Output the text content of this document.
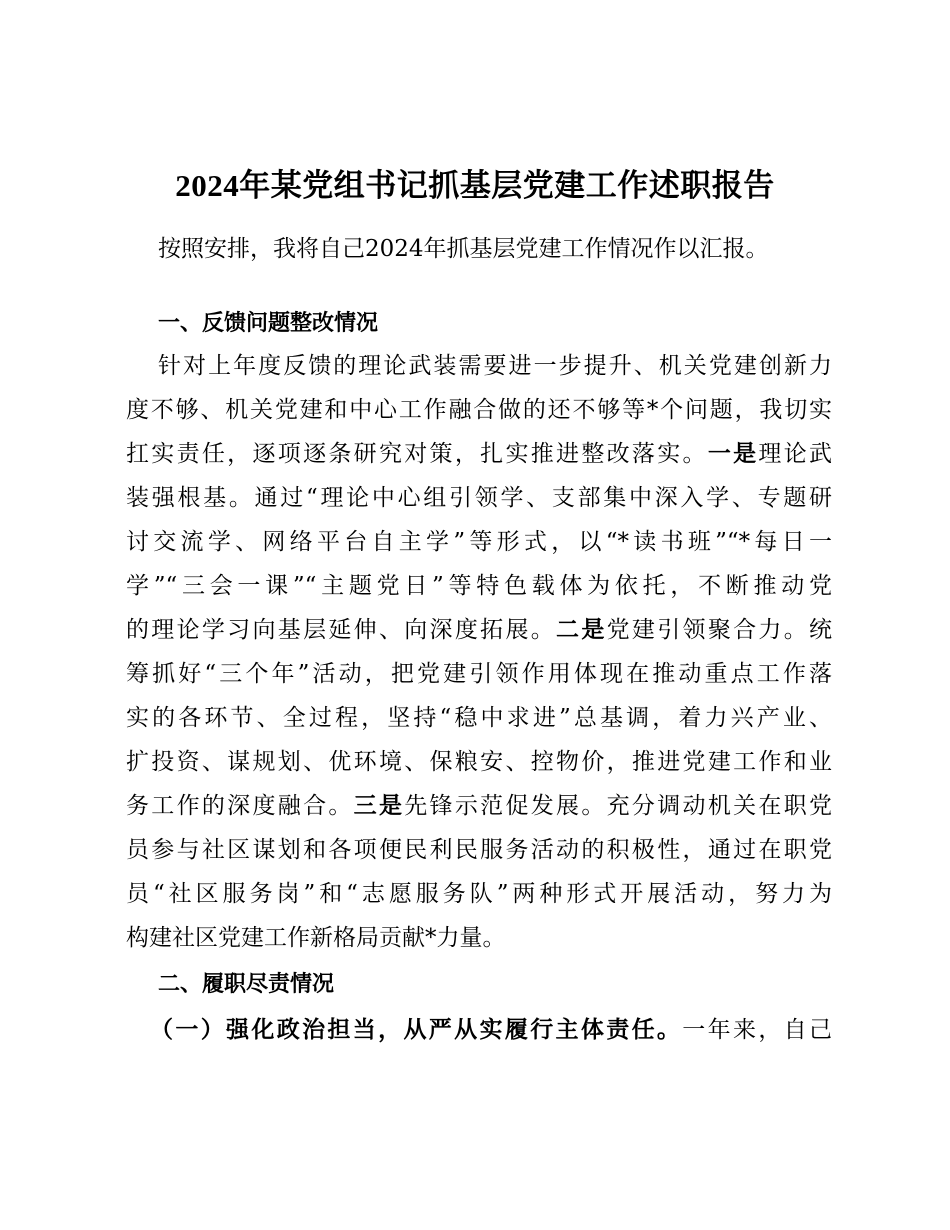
2024年某党组书记抓基层党建工作述职报告
按照安排，我将自己2024年抓基层党建工作情况作以汇报。
一、反馈问题整改情况
针对上年度反馈的理论武装需要进一步提升、机关党建创新力
度不够、机关党建和中心工作融合做的还不够等*个问题，我切实
扛实责任，逐项逐条研究对策，扎实推进整改落实。一是理论武
装强根基。通过“理论中心组引领学、支部集中深入学、专题研
讨交流学、网络平台自主学”等形式，以“*读书班”“*每日一
学”“三会一课”“主题党日”等特色载体为依托，不断推动党
的理论学习向基层延伸、向深度拓展。二是党建引领聚合力。统
筹抓好“三个年”活动，把党建引领作用体现在推动重点工作落
实的各环节、全过程，坚持“稳中求进”总基调，着力兴产业、
扩投资、谋规划、优环境、保粮安、控物价，推进党建工作和业
务工作的深度融合。三是先锋示范促发展。充分调动机关在职党
员参与社区谋划和各项便民利民服务活动的积极性，通过在职党
员“社区服务岗”和“志愿服务队”两种形式开展活动，努力为
构建社区党建工作新格局贡献*力量。
二、履职尽责情况
（一）强化政治担当，从严从实履行主体责任。一年来，自己
